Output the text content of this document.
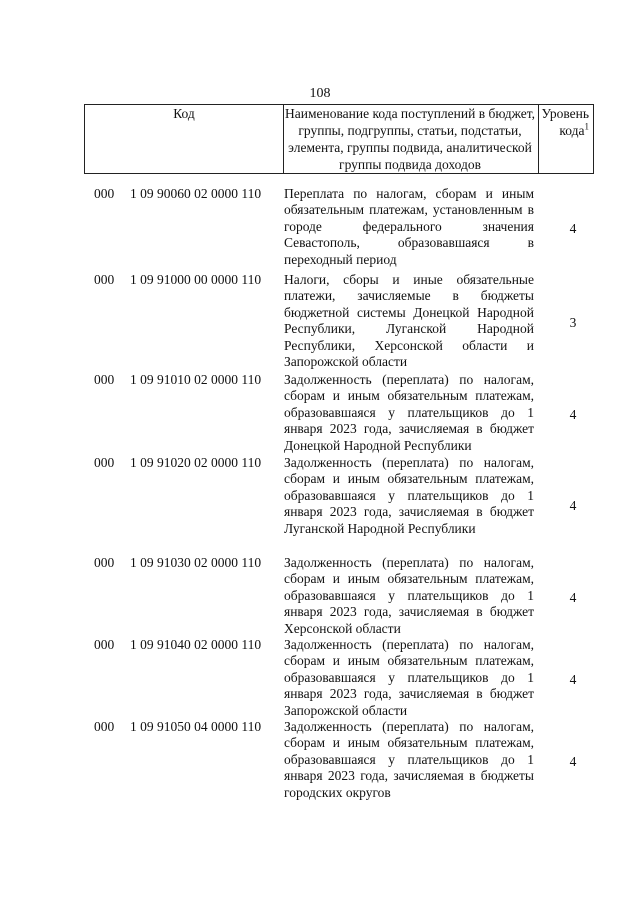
108
Код	Наименование кода поступлений в бюджет, группы, подгруппы, статьи, подстатьи, элемента, группы подвида, аналитической группы подвида доходов
Уровень кода$^1$
000 1 09 90060 02 0000 110 Переплата по налогам, сборам и иным обязательным платежам, установленным в городе федерального значения Севастополь, образовавшаяся в переходный период
4
000 1 09 91000 00 0000 110 Налоги, сборы и иные обязательные платежи, зачисляемые в бюджеты бюджетной системы Донецкой Народной Республики, Луганской Народной Республики, Херсонской области и Запорожской области
3
000 1 09 91010 02 0000 110 Задолженность (переплата) по налогам, сборам и иным обязательным платежам, образовавшаяся у плательщиков до 1 января 2023 года, зачисляемая в бюджет Донецкой Народной Республики
4
000 1 09 91020 02 0000 110 Задолженность (переплата) по налогам, сборам и иным обязательным платежам, образовавшаяся у плательщиков до 1 января 2023 года, зачисляемая в бюджет Луганской Народной Республики
4
000 1 09 91030 02 0000 110 Задолженность (переплата) по налогам, сборам и иным обязательным платежам, образовавшаяся у плательщиков до 1 января 2023 года, зачисляемая в бюджет Херсонской области
4
000 1 09 91040 02 0000 110 Задолженность (переплата) по налогам, сборам и иным обязательным платежам, образовавшаяся у плательщиков до 1 января 2023 года, зачисляемая в бюджет Запорожской области
4
000 1 09 91050 04 0000 110 Задолженность (переплата) по налогам, сборам и иным обязательным платежам, образовавшаяся у плательщиков до 1 января 2023 года, зачисляемая в бюджеты городских округов
4
